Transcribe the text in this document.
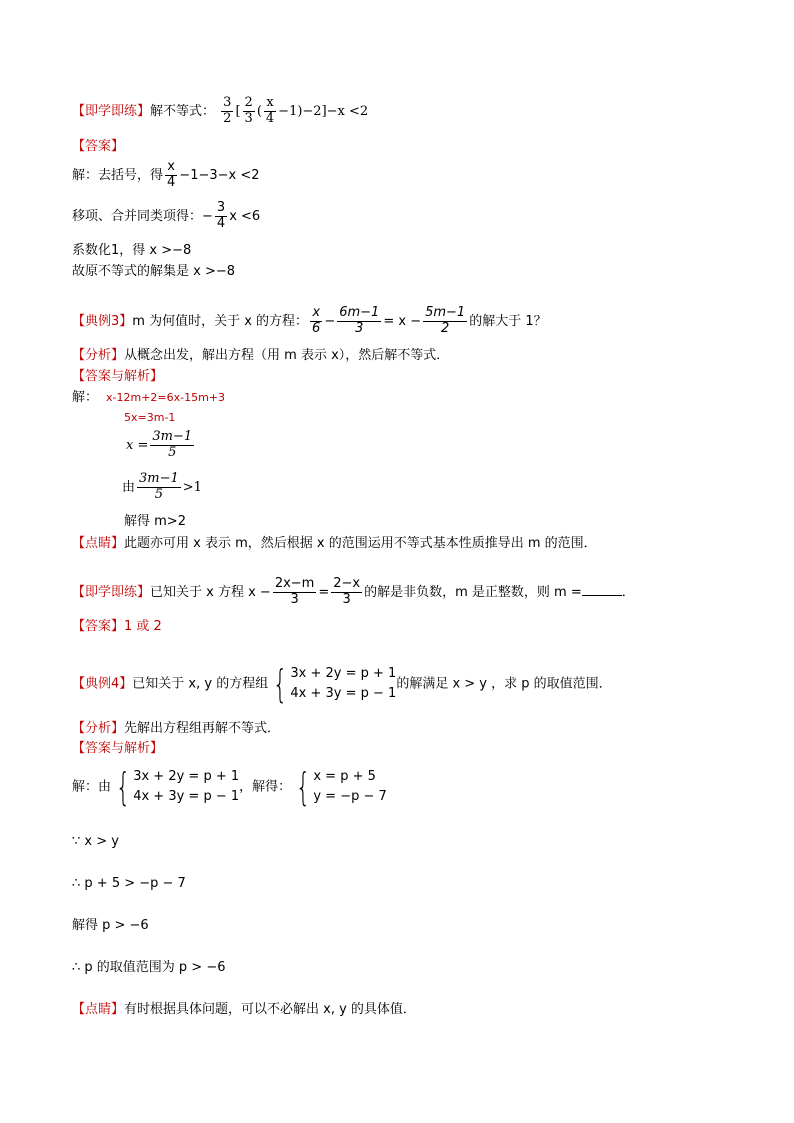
【即学即练】解不等式： $\frac{3}{2}$ [ $\frac{2}{3}$ ( $\frac{x}{4} -1)-2]-x <2$
【答案】
解：去括号，得 $\frac{x}{4} -1-3-x <2$
移项、合并同类项得：− $\frac{3}{4}$ x <6
系数化1，得 x >−8
故原不等式的解集是 x >−8
【典例3】m 为何值时，关于 x 的方程： $\frac{x}{6} - \frac{6m-1}{3} = x - \frac{5m-1}{2}$ 的解大于 1？
【分析】从概念出发，解出方程（用 m 表示 x），然后解不等式．
【答案与解析】
解： x-12m+2=6x-15m+3
5x=3m-1
$x = \frac{3m-1}{5}$
由 $\frac{3m-1}{5} >1$
解得 m>2
【点睛】此题亦可用 x 表示 m，然后根据 x 的范围运用不等式基本性质推导出 m 的范围．
【即学即练】已知关于 x 方程 $x - \frac{2x-m}{3} = \frac{2-x}{3}$ 的解是非负数，m 是正整数，则 m =	．
【答案】1 或 2
【典例4】已知关于 x, y 的方程组 { 3x + 2y = p + 1
4x + 3y = p − 1
的解满足 x > y ，求 p 的取值范围．
【分析】先解出方程组再解不等式．
【答案与解析】
解：由 { 3x + 2y = p + 1
4x + 3y = p − 1
，解得： { x = p + 5
y = −p − 7
∵ x > y
∴ p + 5 > −p − 7
解得 p > −6
∴ p 的取值范围为 p > −6
【点睛】有时根据具体问题，可以不必解出 x, y 的具体值．
